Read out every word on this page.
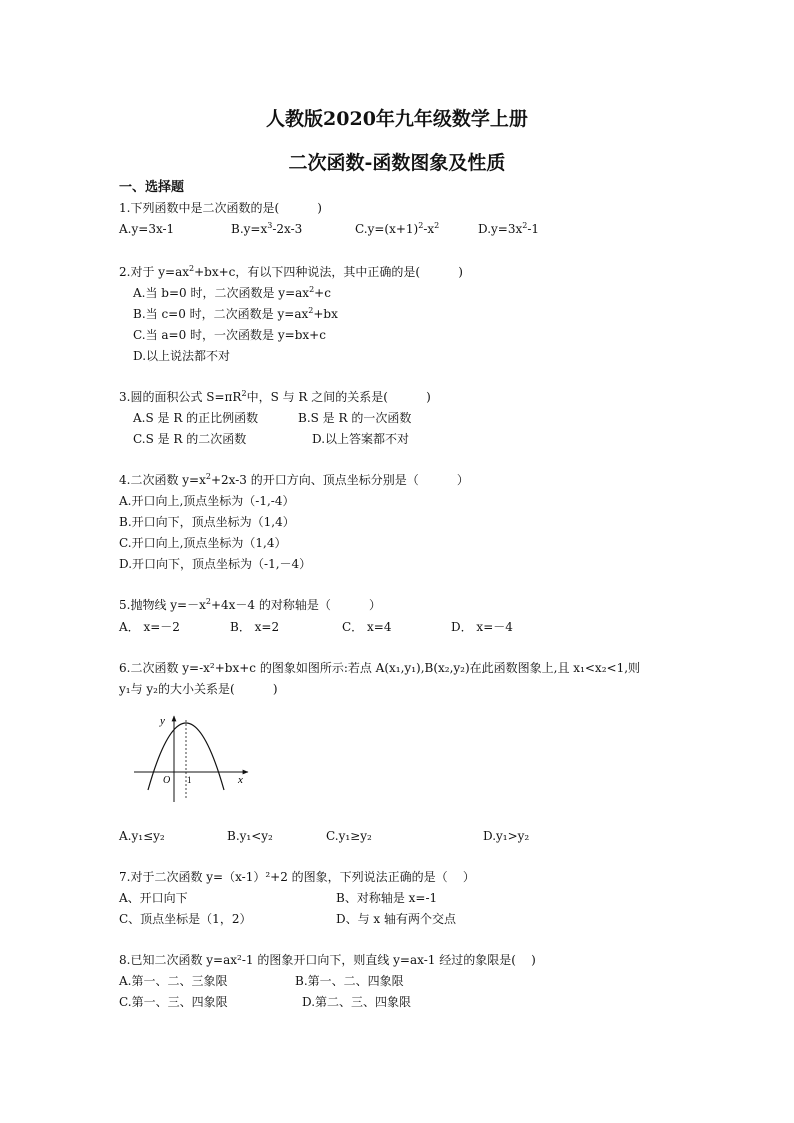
人教版2020年九年级数学上册
二次函数-函数图象及性质
一、选择题
1.下列函数中是二次函数的是(          )
A.y=3x-1	$B.y=x^3-2x-3$	$C.y=(x+1)^2-x^2$	$D.y=3x^2-1$
2.对于 $y=ax^2+bx+c$，有以下四种说法，其中正确的是(          )
A.当 b=0 时，二次函数是 $y=ax^2+c$
B.当 c=0 时，二次函数是 $y=ax^2+bx$
C.当 a=0 时，一次函数是 y=bx+c
D.以上说法都不对
3.圆的面积公式 $S=\pi R^2$中，S 与 R 之间的关系是(          )
A.S 是 R 的正比例函数	B.S 是 R 的一次函数
C.S 是 R 的二次函数	D.以上答案都不对
4.二次函数 $y=x^2+2x-3$ 的开口方向、顶点坐标分别是（          ）
A.开口向上,顶点坐标为（-1,-4）
B.开口向下，顶点坐标为（1,4）
C.开口向上,顶点坐标为（1,4）
D.开口向下，顶点坐标为（-1,－4）
5.抛物线 $y=-x^2+4x-4$ 的对称轴是（          ）
A． x=－2	B． x=2	C． x=4	D． x=－4
6.二次函数 y=-x²+bx+c 的图象如图所示:若点 A(x₁,y₁),B(x₂,y₂)在此函数图象上,且 x₁<x₂<1,则
y₁与 y₂的大小关系是(          )
y
x
O 1
A.y₁≤y₂	B.y₁<y₂	C.y₁≥y₂	D.y₁>y₂
7.对于二次函数 y=（x-1）²+2 的图象，下列说法正确的是（    ）
A、开口向下	B、对称轴是 x=-1
C、顶点坐标是（1，2）	D、与 x 轴有两个交点
8.已知二次函数 y=ax²-1 的图象开口向下，则直线 y=ax-1 经过的象限是(    )
A.第一、二、三象限	B.第一、二、四象限
C.第一、三、四象限	D.第二、三、四象限
